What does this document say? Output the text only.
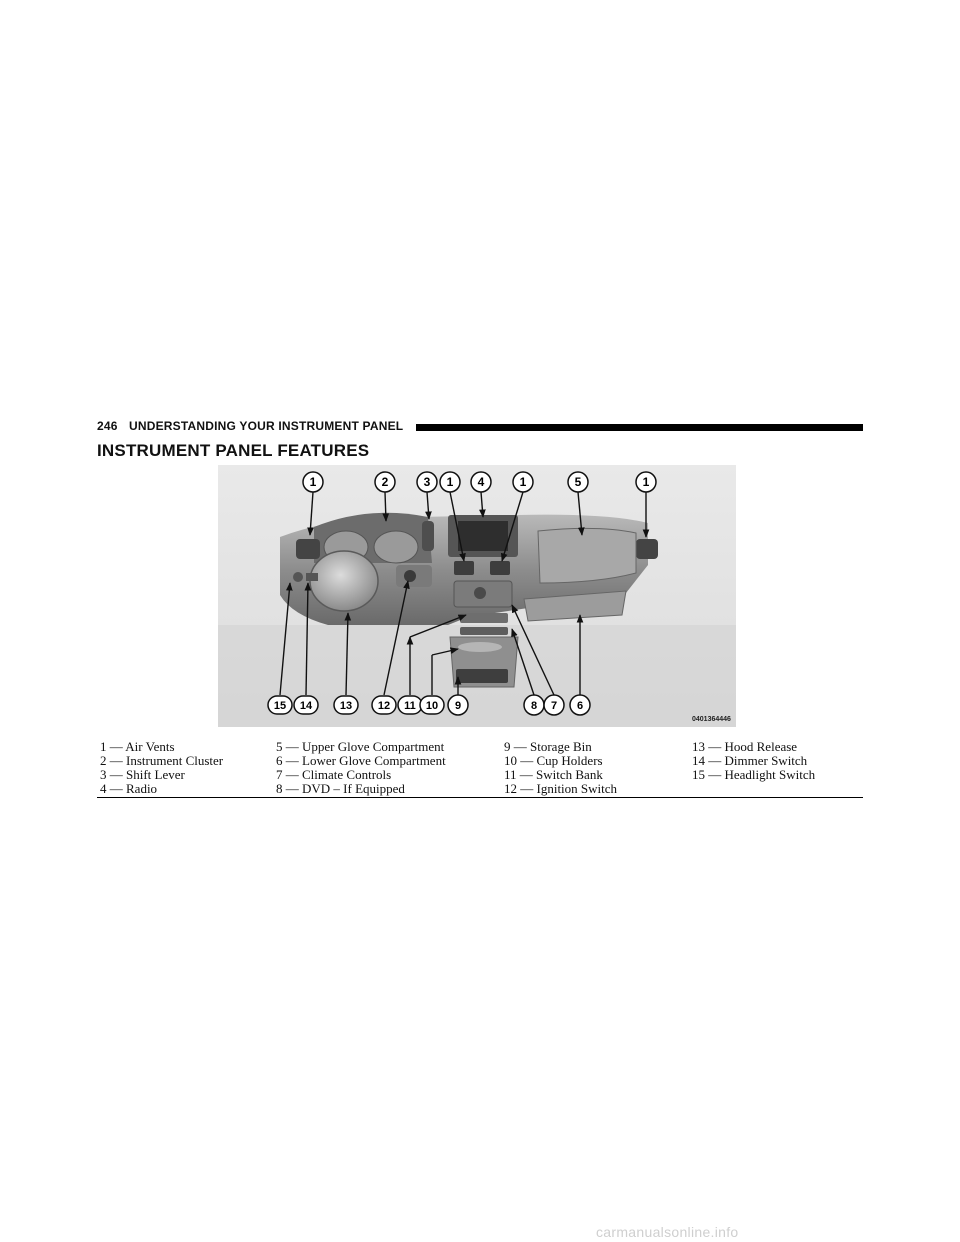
246 UNDERSTANDING YOUR INSTRUMENT PANEL
INSTRUMENT PANEL FEATURES
1	2	3 1 4	1	5	1
15 14	13 12 11 10 9	8 7 6
0401364446
1 — Air Vents
2 — Instrument Cluster
3 — Shift Lever
4 — Radio
5 — Upper Glove Compartment
6 — Lower Glove Compartment
7 — Climate Controls
8 — DVD – If Equipped
9 — Storage Bin
10 — Cup Holders
11 — Switch Bank
12 — Ignition Switch
13 — Hood Release
14 — Dimmer Switch
15 — Headlight Switch
carmanualsonline.info
